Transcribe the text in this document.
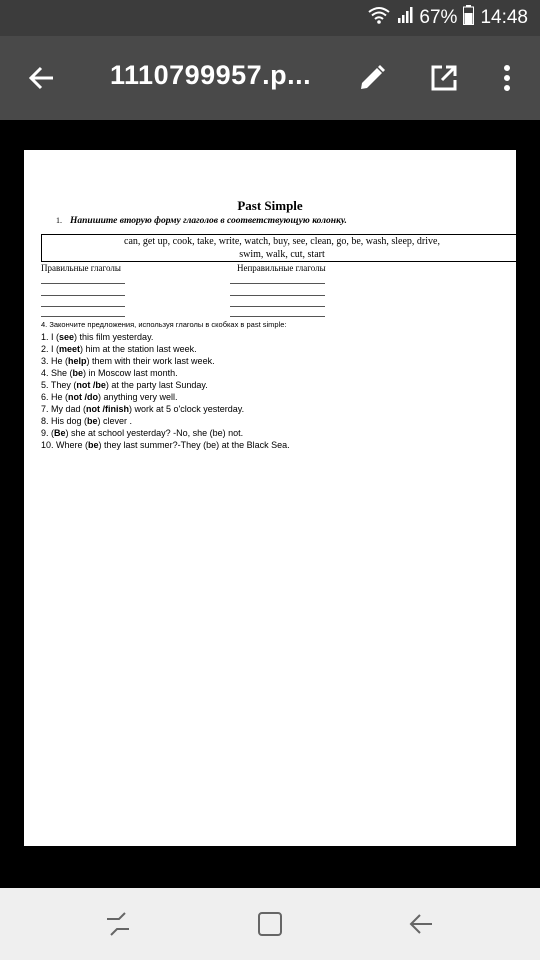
67% 14:48
1110799957.p...
Past Simple
1. Напишите вторую форму глаголов в соответствующую колонку.
can, get up, cook, take, write, watch, buy, see, clean, go, be, wash, sleep, drive,
swim, walk, cut, start
Правильные глаголы	Неправильные глаголы
4. Закончите предложения, используя глаголы в скобках в past simple:
1. I (see) this film yesterday.
2. I (meet) him at the station last week.
3. He (help) them with their work last week.
4. She (be) in Moscow last month.
5. They (not /be) at the party last Sunday.
6. He (not /do) anything very well.
7. My dad (not /finish) work at 5 o'clock yesterday.
8. His dog (be) clever .
9. (Be) she at school yesterday? -No, she (be) not.
10. Where (be) they last summer?-They (be) at the Black Sea.
